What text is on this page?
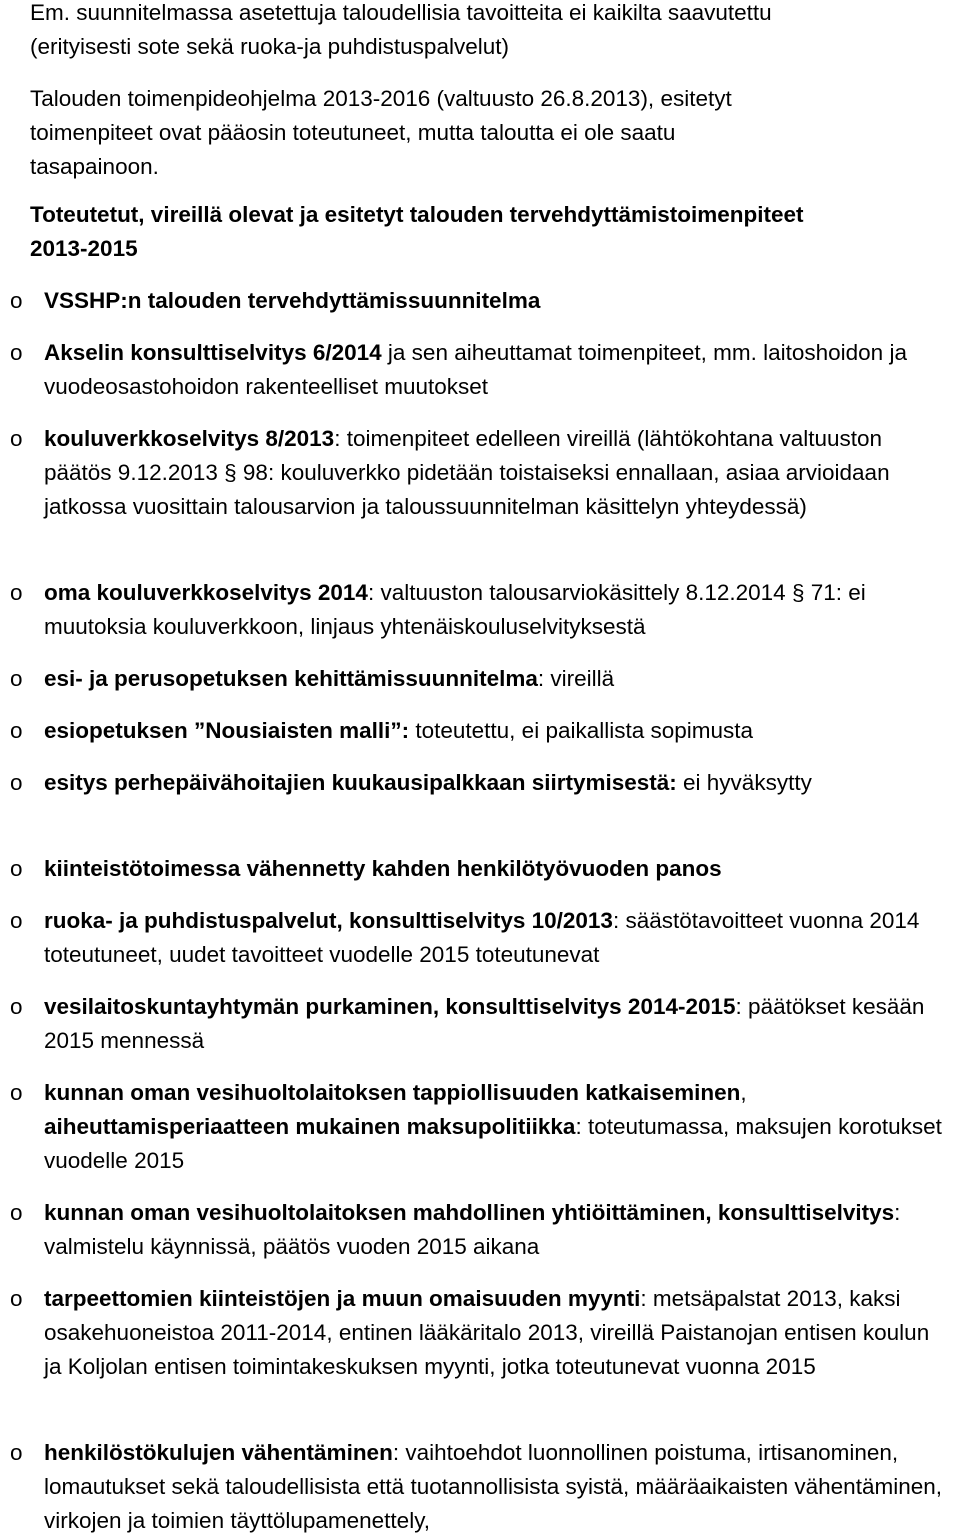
Em. suunnitelmassa asetettuja taloudellisia tavoitteita ei kaikilta saavutettu
(erityisesti sote sekä ruoka-ja puhdistuspalvelut)
Talouden toimenpideohjelma 2013-2016 (valtuusto 26.8.2013), esitetyt
toimenpiteet ovat pääosin toteutuneet, mutta taloutta ei ole saatu
tasapainoon.
Toteutetut, vireillä olevat ja esitetyt talouden tervehdyttämistoimenpiteet
2013-2015
o VSSHP:n talouden tervehdyttämissuunnitelma
o Akselin konsulttiselvitys 6/2014 ja sen aiheuttamat toimenpiteet, mm. laitoshoidon ja vuodeosastohoidon rakenteelliset muutokset
o kouluverkkoselvitys 8/2013: toimenpiteet edelleen vireillä (lähtökohtana valtuuston päätös 9.12.2013 § 98: kouluverkko pidetään toistaiseksi ennallaan, asiaa arvioidaan jatkossa vuosittain talousarvion ja taloussuunnitelman käsittelyn yhteydessä)
o oma kouluverkkoselvitys 2014: valtuuston talousarviokäsittely 8.12.2014 § 71: ei muutoksia kouluverkkoon, linjaus yhtenäiskouluselvityksestä
o esi- ja perusopetuksen kehittämissuunnitelma: vireillä
o esiopetuksen ”Nousiaisten malli”: toteutettu, ei paikallista sopimusta
o esitys perhepäivähoitajien kuukausipalkkaan siirtymisestä: ei hyväksytty
o kiinteistötoimessa vähennetty kahden henkilötyövuoden panos
o ruoka- ja puhdistuspalvelut, konsulttiselvitys 10/2013: säästötavoitteet vuonna 2014 toteutuneet, uudet tavoitteet vuodelle 2015 toteutunevat
o vesilaitoskuntayhtymän purkaminen, konsulttiselvitys 2014-2015: päätökset kesään 2015 mennessä
o kunnan oman vesihuoltolaitoksen tappiollisuuden katkaiseminen,
aiheuttamisperiaatteen mukainen maksupolitiikka: toteutumassa, maksujen korotukset vuodelle 2015
o kunnan oman vesihuoltolaitoksen mahdollinen yhtiöittäminen, konsulttiselvitys: valmistelu käynnissä, päätös vuoden 2015 aikana
o tarpeettomien kiinteistöjen ja muun omaisuuden myynti: metsäpalstat 2013, kaksi osakehuoneistoa 2011-2014, entinen lääkäritalo 2013, vireillä Paistanojan entisen koulun ja Koljolan entisen toimintakeskuksen myynti, jotka toteutunevat vuonna 2015
o henkilöstökulujen vähentäminen: vaihtoehdot luonnollinen poistuma, irtisanominen, lomautukset sekä taloudellisista että tuotannollisista syistä, määräaikaisten vähentäminen, virkojen ja toimien täyttölupamenettely,
